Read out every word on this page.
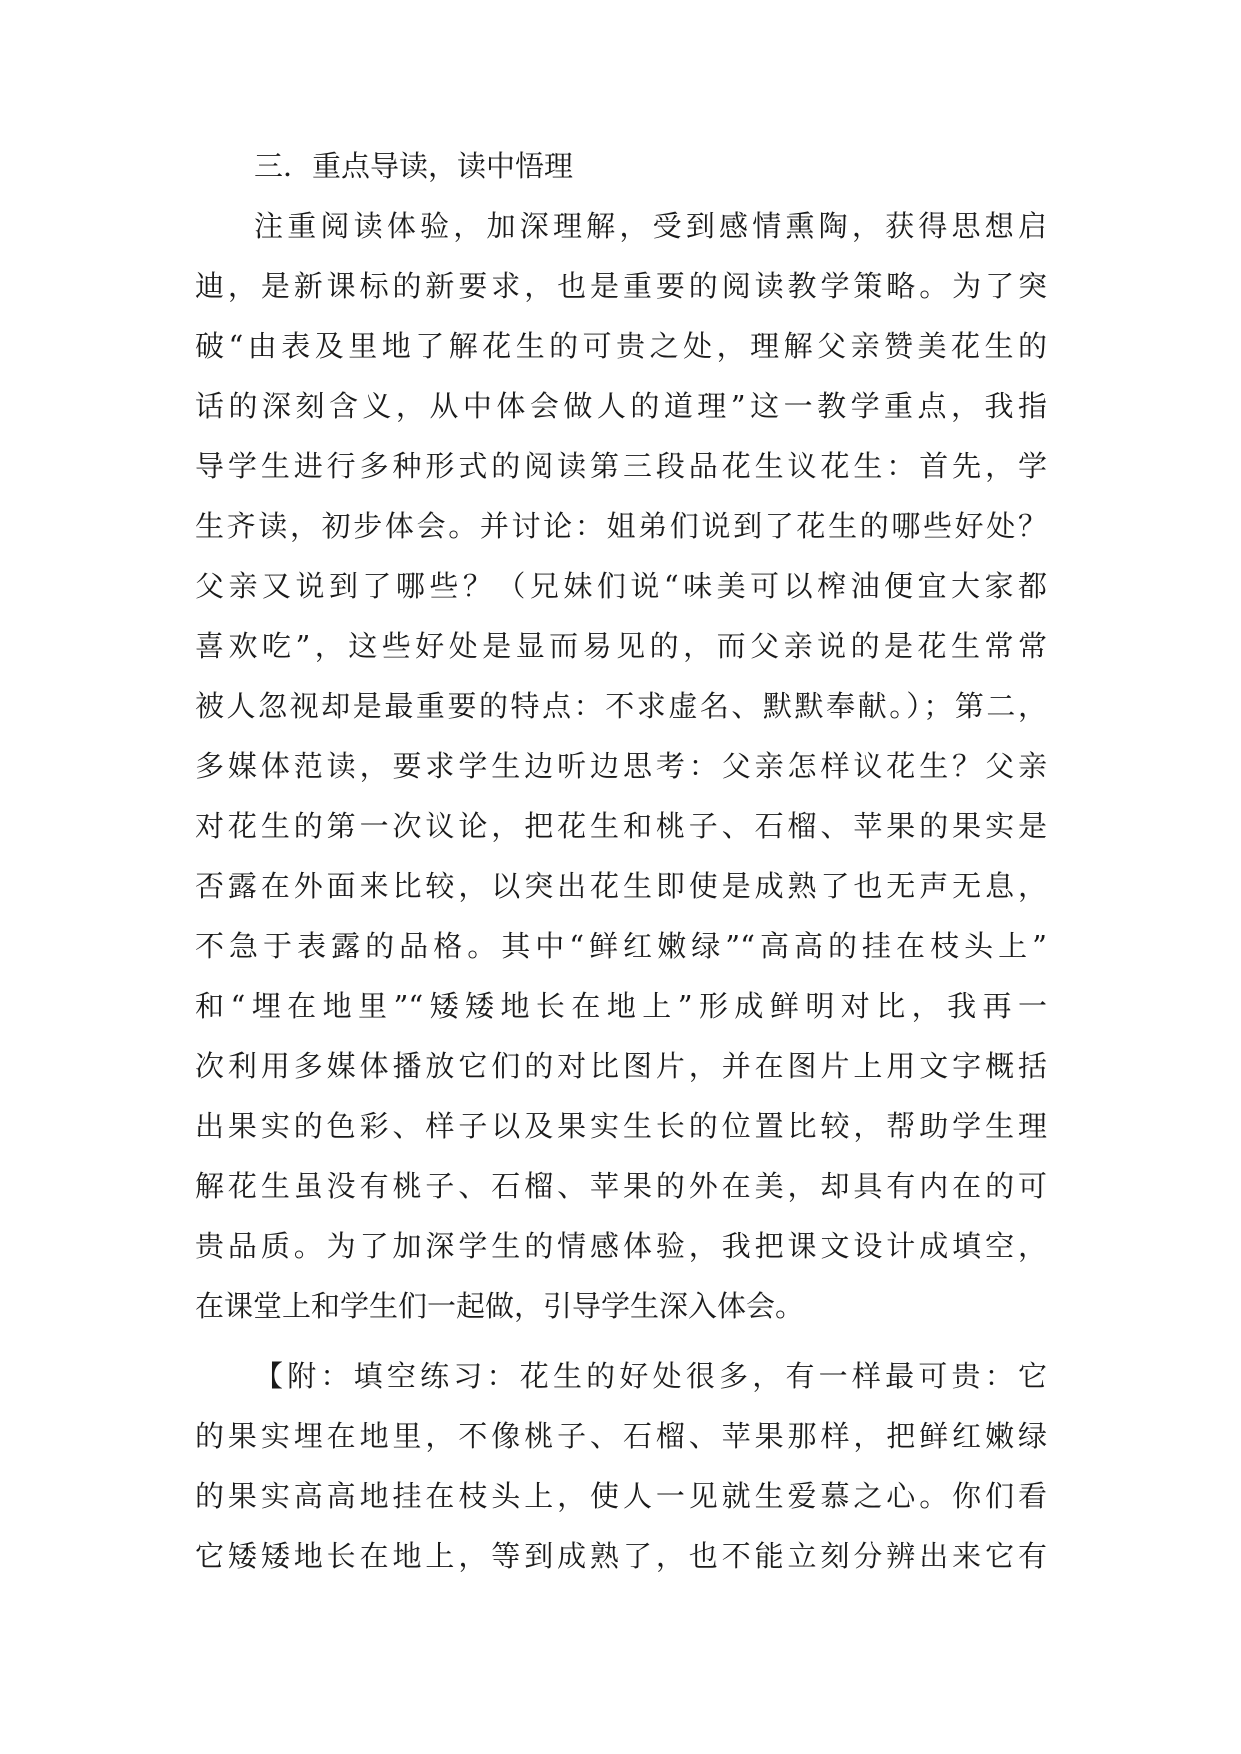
三．重点导读，读中悟理
注重阅读体验，加深理解，受到感情熏陶，获得思想启
迪，是新课标的新要求，也是重要的阅读教学策略。为了突
破“由表及里地了解花生的可贵之处，理解父亲赞美花生的
话的深刻含义，从中体会做人的道理”这一教学重点，我指
导学生进行多种形式的阅读第三段品花生议花生：首先，学
生齐读，初步体会。并讨论：姐弟们说到了花生的哪些好处？
父亲又说到了哪些？（兄妹们说“味美可以榨油便宜大家都
喜欢吃”，这些好处是显而易见的，而父亲说的是花生常常
被人忽视却是最重要的特点：不求虚名、默默奉献。）；第二，
多媒体范读，要求学生边听边思考：父亲怎样议花生？父亲
对花生的第一次议论，把花生和桃子、石榴、苹果的果实是
否露在外面来比较，以突出花生即使是成熟了也无声无息，
不急于表露的品格。其中“鲜红嫩绿”“高高的挂在枝头上”
和“埋在地里”“矮矮地长在地上”形成鲜明对比，我再一
次利用多媒体播放它们的对比图片，并在图片上用文字概括
出果实的色彩、样子以及果实生长的位置比较，帮助学生理
解花生虽没有桃子、石榴、苹果的外在美，却具有内在的可
贵品质。为了加深学生的情感体验，我把课文设计成填空，
在课堂上和学生们一起做，引导学生深入体会。
【附：填空练习：花生的好处很多，有一样最可贵：它
的果实埋在地里，不像桃子、石榴、苹果那样，把鲜红嫩绿
的果实高高地挂在枝头上，使人一见就生爱慕之心。你们看
它矮矮地长在地上，等到成熟了，也不能立刻分辨出来它有
